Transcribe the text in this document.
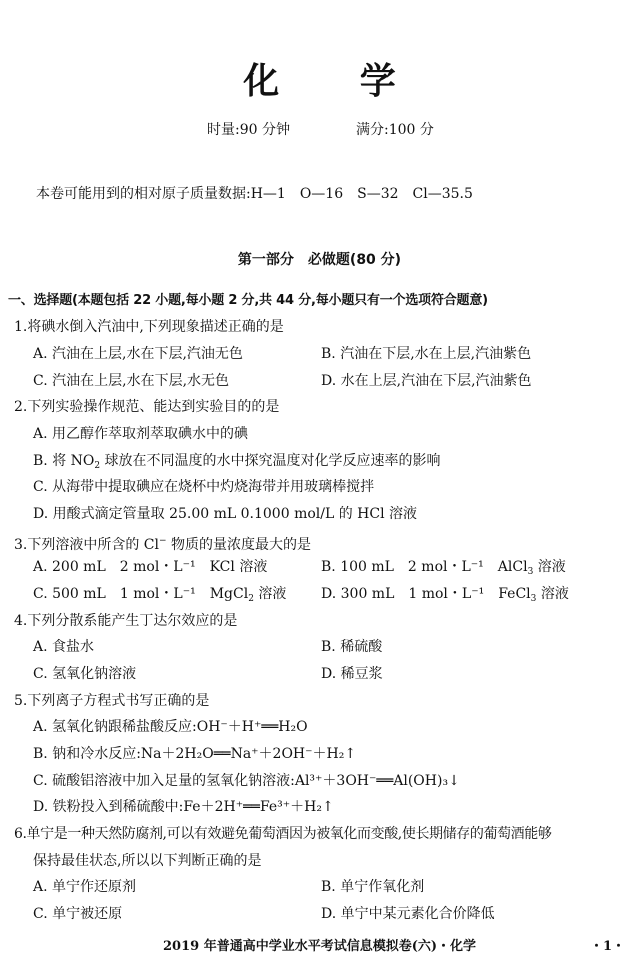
化 学
时量:90 分钟	满分:100 分
本卷可能用到的相对原子质量数据:H—1　O—16　S—32　Cl—35.5
第一部分　必做题(80 分)
一、选择题(本题包括 22 小题,每小题 2 分,共 44 分,每小题只有一个选项符合题意)
1.将碘水倒入汽油中,下列现象描述正确的是
A. 汽油在上层,水在下层,汽油无色	B. 汽油在下层,水在上层,汽油紫色
C. 汽油在上层,水在下层,水无色	D. 水在上层,汽油在下层,汽油紫色
2.下列实验操作规范、能达到实验目的的是
A. 用乙醇作萃取剂萃取碘水中的碘
B. 将 $NO_2$ 球放在不同温度的水中探究温度对化学反应速率的影响
C. 从海带中提取碘应在烧杯中灼烧海带并用玻璃棒搅拌
D. 用酸式滴定管量取 25.00 mL 0.1000 mol/L 的 HCl 溶液
3.下列溶液中所含的 Cl− 物质的量浓度最大的是
A. 200 mL　2 mol・L⁻¹　KCl 溶液	B. 100 mL　2 mol・L⁻¹　AlCl$_3$ 溶液
C. 500 mL　1 mol・L⁻¹　MgCl$_2$ 溶液 D. 300 mL　1 mol・L⁻¹　FeCl$_3$ 溶液
4.下列分散系能产生丁达尔效应的是
A. 食盐水	B. 稀硫酸
C. 氢氧化钠溶液	D. 稀豆浆
5.下列离子方程式书写正确的是
A. 氢氧化钠跟稀盐酸反应:OH⁻＋H⁺══H₂O
B. 钠和冷水反应:Na＋2H₂O══Na⁺＋2OH⁻＋H₂↑
C. 硫酸铝溶液中加入足量的氢氧化钠溶液:Al³⁺＋3OH⁻══Al(OH)₃↓
D. 铁粉投入到稀硫酸中:Fe＋2H⁺══Fe³⁺＋H₂↑
6.单宁是一种天然防腐剂,可以有效避免葡萄酒因为被氧化而变酸,使长期储存的葡萄酒能够
保持最佳状态,所以以下判断正确的是
A. 单宁作还原剂	B. 单宁作氧化剂
C. 单宁被还原	D. 单宁中某元素化合价降低
2019 年普通高中学业水平考试信息模拟卷(六)・化学	・1・
